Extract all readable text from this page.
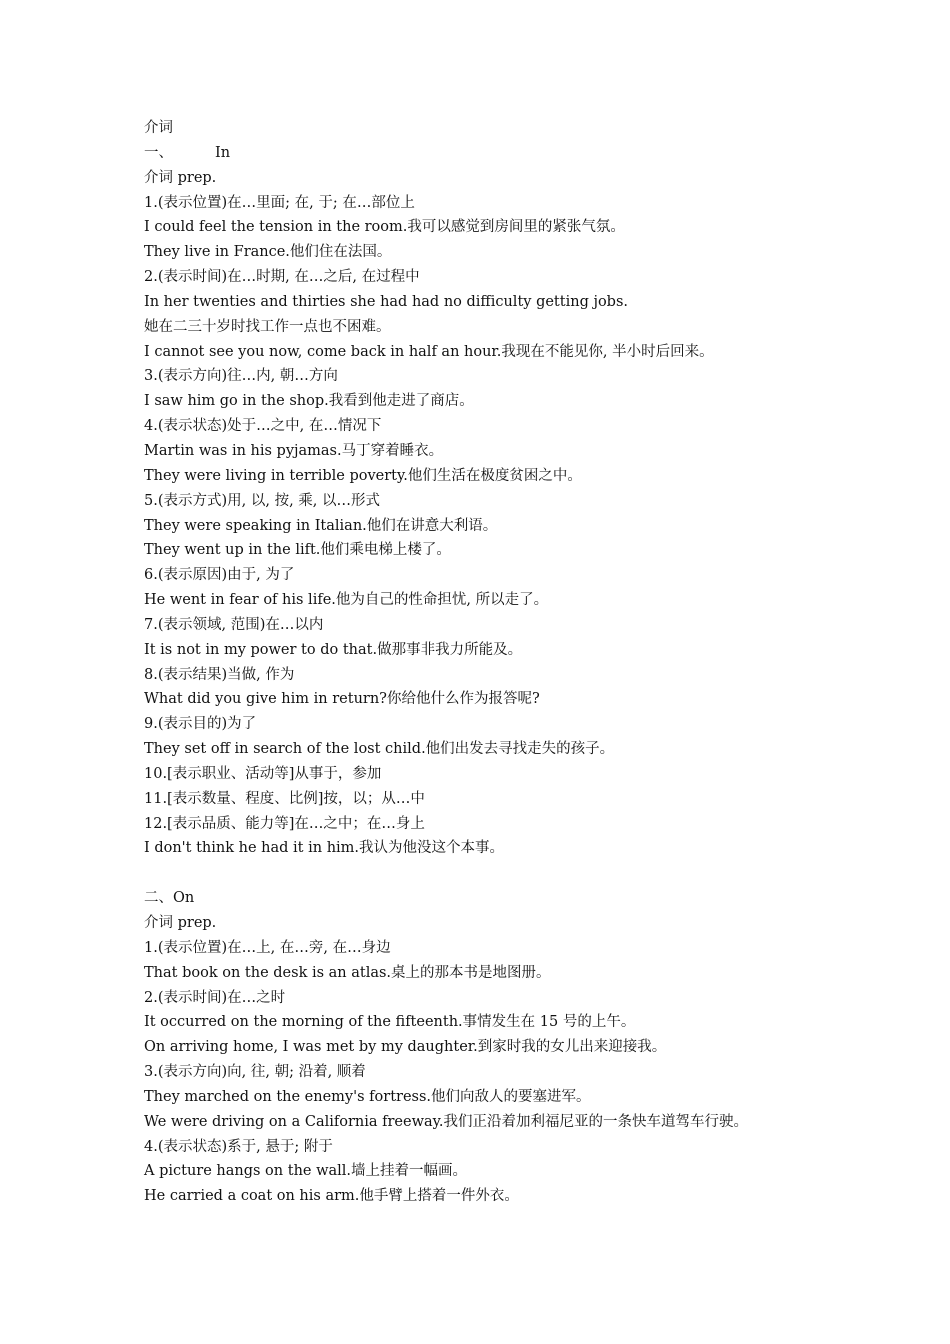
介词
一、	In
介词 prep.
1.(表示位置)在…里面; 在, 于; 在…部位上
I could feel the tension in the room.我可以感觉到房间里的紧张气氛。
They live in France.他们住在法国。
2.(表示时间)在…时期, 在…之后, 在过程中
In her twenties and thirties she had had no difficulty getting jobs.
她在二三十岁时找工作一点也不困难。
I cannot see you now, come back in half an hour.我现在不能见你, 半小时后回来。
3.(表示方向)往…内, 朝…方向
I saw him go in the shop.我看到他走进了商店。
4.(表示状态)处于…之中, 在…情况下
Martin was in his pyjamas.马丁穿着睡衣。
They were living in terrible poverty.他们生活在极度贫困之中。
5.(表示方式)用, 以, 按, 乘, 以…形式
They were speaking in Italian.他们在讲意大利语。
They went up in the lift.他们乘电梯上楼了。
6.(表示原因)由于, 为了
He went in fear of his life.他为自己的性命担忧, 所以走了。
7.(表示领域, 范围)在…以内
It is not in my power to do that.做那事非我力所能及。
8.(表示结果)当做, 作为
What did you give him in return?你给他什么作为报答呢?
9.(表示目的)为了
They set off in search of the lost child.他们出发去寻找走失的孩子。
10.[表示职业、活动等]从事于，参加
11.[表示数量、程度、比例]按，以；从…中
12.[表示品质、能力等]在…之中；在…身上
I don't think he had it in him.我认为他没这个本事。
二、On
介词 prep.
1.(表示位置)在…上, 在…旁, 在…身边
That book on the desk is an atlas.桌上的那本书是地图册。
2.(表示时间)在…之时
It occurred on the morning of the fifteenth.事情发生在 15 号的上午。
On arriving home, I was met by my daughter.到家时我的女儿出来迎接我。
3.(表示方向)向, 往, 朝; 沿着, 顺着
They marched on the enemy's fortress.他们向敌人的要塞进军。
We were driving on a California freeway.我们正沿着加利福尼亚的一条快车道驾车行驶。
4.(表示状态)系于, 悬于; 附于
A picture hangs on the wall.墙上挂着一幅画。
He carried a coat on his arm.他手臂上搭着一件外衣。
